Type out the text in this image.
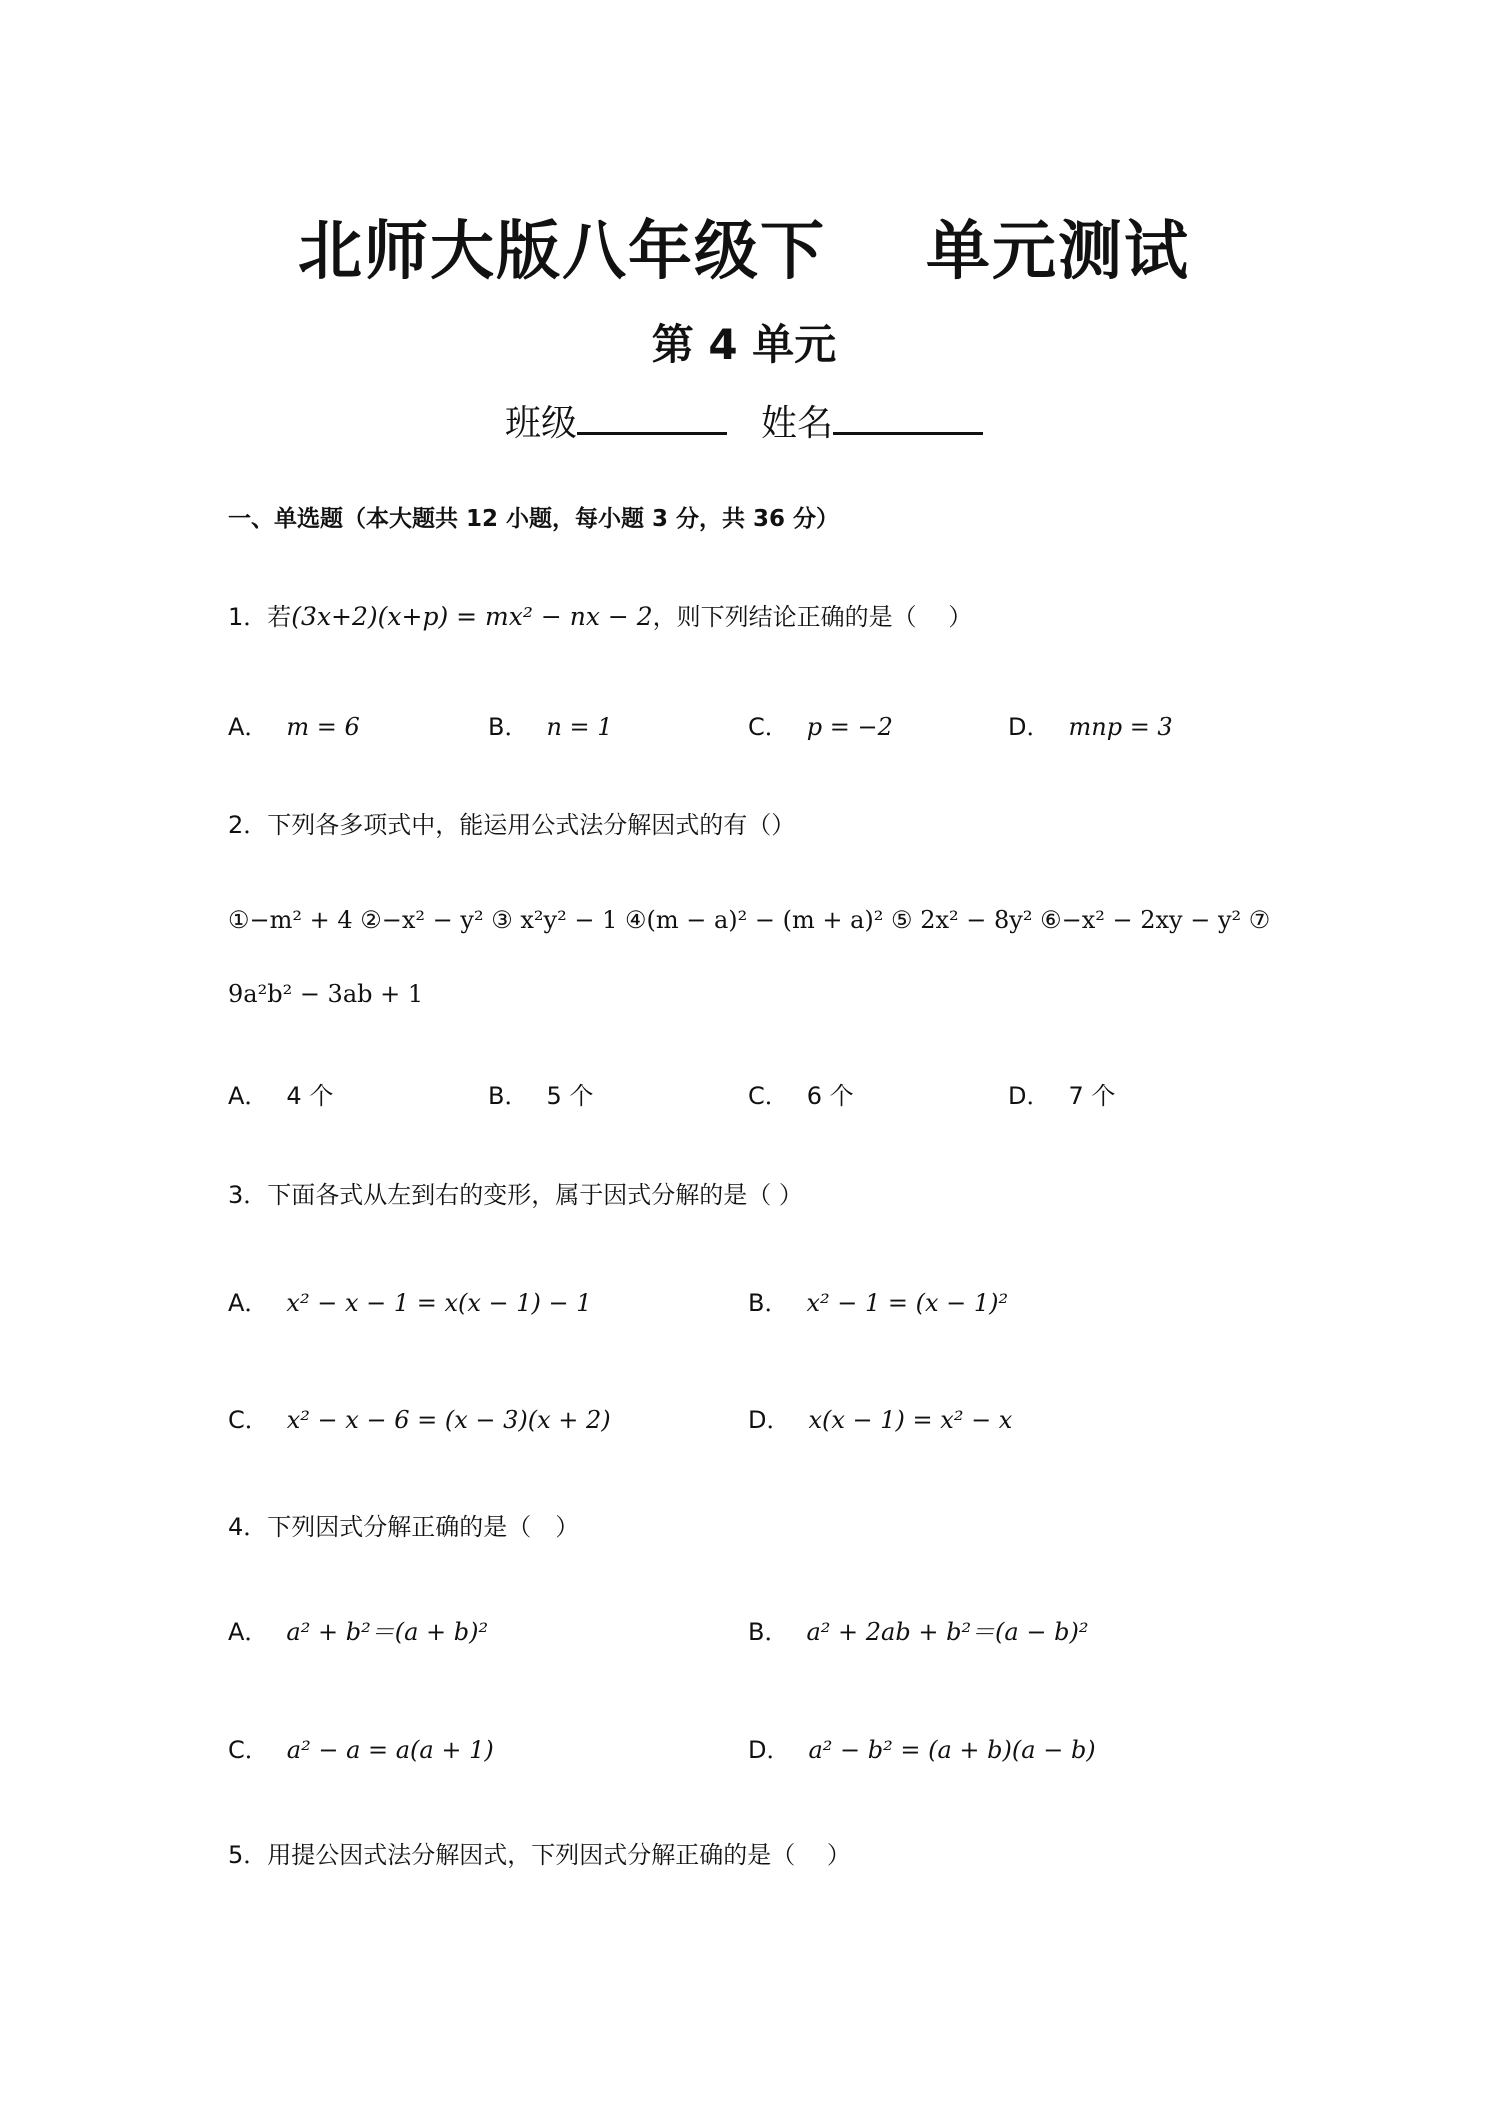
北师大版八年级下 单元测试
第 4 单元
班级	姓名
一、单选题（本大题共 12 小题，每小题 3 分，共 36 分）
1．若(3x+2)(x+p) = mx² − nx − 2，则下列结论正确的是（　 ）
A． m = 6	B． n = 1	C． p = −2	D． mnp = 3
2．下列各多项式中，能运用公式法分解因式的有（）
①−m² + 4 ②−x² − y² ③ x²y² − 1 ④(m − a)² − (m + a)² ⑤ 2x² − 8y² ⑥−x² − 2xy − y² ⑦
9a²b² − 3ab + 1
A． 4 个	B． 5 个	C． 6 个	D． 7 个
3．下面各式从左到右的变形，属于因式分解的是（ ）
A． x² − x − 1 = x(x − 1) − 1	B． x² − 1 = (x − 1)²
C． x² − x − 6 = (x − 3)(x + 2)	D． x(x − 1) = x² − x
4．下列因式分解正确的是（　）
A． a² + b²＝(a + b)²	B． a² + 2ab + b²＝(a − b)²
C． a² − a = a(a + 1)	D． a² − b² = (a + b)(a − b)
5．用提公因式法分解因式，下列因式分解正确的是（　 ）
